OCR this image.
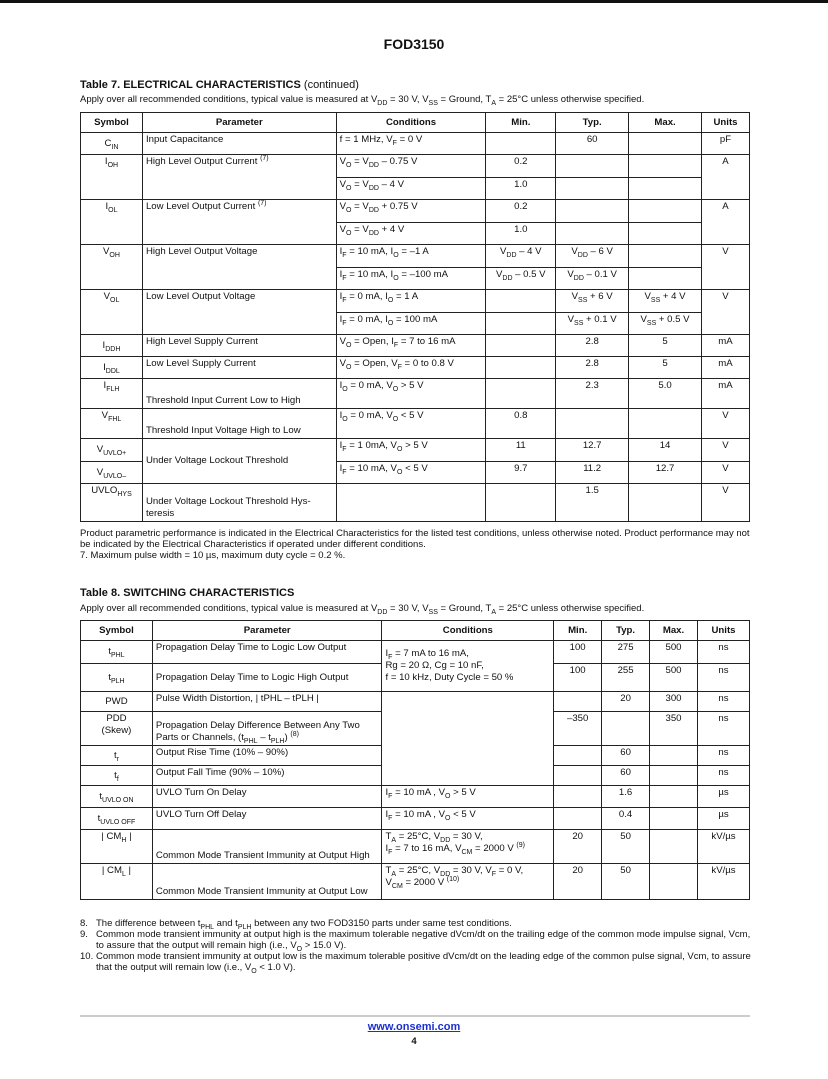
FOD3150
Table 7. ELECTRICAL CHARACTERISTICS (continued)
Apply over all recommended conditions, typical value is measured at $V_{DD} = 30$ V, $V_{SS}$ = Ground, $T_A = 25^\circ C$ unless otherwise specified.
Symbol	Parameter	Conditions	Min.	Typ.	Max.	Units
$C_{IN}$	Input Capacitance	f = 1 MHz, $V_F = 0$ V		60		pF
$I_{OH}$	High Level Output Current $^{(7)}$	$V_O = V_{DD} - 0.75$ V	0.2			A
		$V_O = V_{DD} - 4$ V	1.0			
$I_{OL}$	Low Level Output Current $^{(7)}$	$V_O = V_{DD} + 0.75$ V	0.2			A
		$V_O = V_{DD} + 4$ V	1.0			
$V_{OH}$	High Level Output Voltage	$I_F = 10$ mA, $I_O = -1$ A	$V_{DD} - 4$ V	$V_{DD} - 6$ V		V
		$I_F = 10$ mA, $I_O = -100$ mA	$V_{DD} - 0.5$ V	$V_{DD} - 0.1$ V		
$V_{OL}$	Low Level Output Voltage	$I_F = 0$ mA, $I_O = 1$ A		$V_{SS} + 6$ V	$V_{SS} + 4$ V	V
		$I_F = 0$ mA, $I_O = 100$ mA		$V_{SS} + 0.1$ V	$V_{SS} + 0.5$ V	
$I_{DDH}$	High Level Supply Current	$V_O$ = Open, $I_F = 7$ to 16 mA		2.8	5	mA
$I_{DDL}$	Low Level Supply Current	$V_O$ = Open, $V_F = 0$ to 0.8 V		2.8	5	mA
$I_{FLH}$	Threshold Input Current Low to High	$I_O = 0$ mA, $V_O > 5$ V		2.3	5.0	mA
$V_{FHL}$	Threshold Input Voltage High to Low	$I_O = 0$ mA, $V_O < 5$ V	0.8			V
$V_{UVLO+}$	Under Voltage Lockout Threshold	$I_F = 1$ 0mA, $V_O > 5$ V	11	12.7	14	V
$V_{UVLO-}$		$I_F = 10$ mA, $V_O < 5$ V	9.7	11.2	12.7	V
$UVLO_{HYS}$	Under Voltage Lockout Threshold Hys-teresis			1.5		V
Product parametric performance is indicated in the Electrical Characteristics for the listed test conditions, unless otherwise noted. Product performance may not be indicated by the Electrical Characteristics if operated under different conditions.
7. Maximum pulse width = 10 µs, maximum duty cycle = 0.2 %.
Table 8. SWITCHING CHARACTERISTICS
Apply over all recommended conditions, typical value is measured at $V_{DD} = 30$ V, $V_{SS}$ = Ground, $T_A = 25^\circ C$ unless otherwise specified.
Symbol	Parameter	Conditions	Min.	Typ.	Max.	Units
$t_{PHL}$	Propagation Delay Time to Logic Low Output	$I_F = 7$ mA to 16 mA,
Rg = 20 Ω, Cg = 10 nF,
f = 10 kHz, Duty Cycle = 50 %	100	275	500	ns
$t_{PLH}$	Propagation Delay Time to Logic High Output		100	255	500	ns
PWD	Pulse Width Distortion, | tPHL – tPLH |			20	300	ns
PDD
(Skew)	Propagation Delay Difference Between Any Two Parts or Channels, $(t_{PHL} - t_{PLH})$ $^{(8)}$		–350		350	ns
$t_r$	Output Rise Time (10% – 90%)			60		ns
$t_f$	Output Fall Time (90% – 10%)			60		ns
$t_{UVLO ON}$	UVLO Turn On Delay	$I_F = 10$ mA , $V_O > 5$ V		1.6		µs
$t_{UVLO OFF}$	UVLO Turn Off Delay	$I_F = 10$ mA , $V_O < 5$ V		0.4		µs
| $CM_H$ |	Common Mode Transient Immunity at Output High	$T_A = 25^\circ C$, $V_{DD} = 30$ V,
$I_F = 7$ to 16 mA, $V_{CM} = 2000$ V $^{(9)}$	20	50		kV/µs
| $CM_L$ |	Common Mode Transient Immunity at Output Low	$T_A = 25^\circ C$, $V_{DD} = 30$ V, $V_F = 0$ V,
$V_{CM} = 2000$ V $^{(10)}$	20	50		kV/µs
8. The difference between $t_{PHL}$ and $t_{PLH}$ between any two FOD3150 parts under same test conditions.
9. Common mode transient immunity at output high is the maximum tolerable negative dVcm/dt on the trailing edge of the common mode impulse signal, Vcm, to assure that the output will remain high (i.e., $V_O > 15.0$ V).
10. Common mode transient immunity at output low is the maximum tolerable positive dVcm/dt on the leading edge of the common pulse signal, Vcm, to assure that the output will remain low (i.e., $V_O < 1.0$ V).
www.onsemi.com
4
